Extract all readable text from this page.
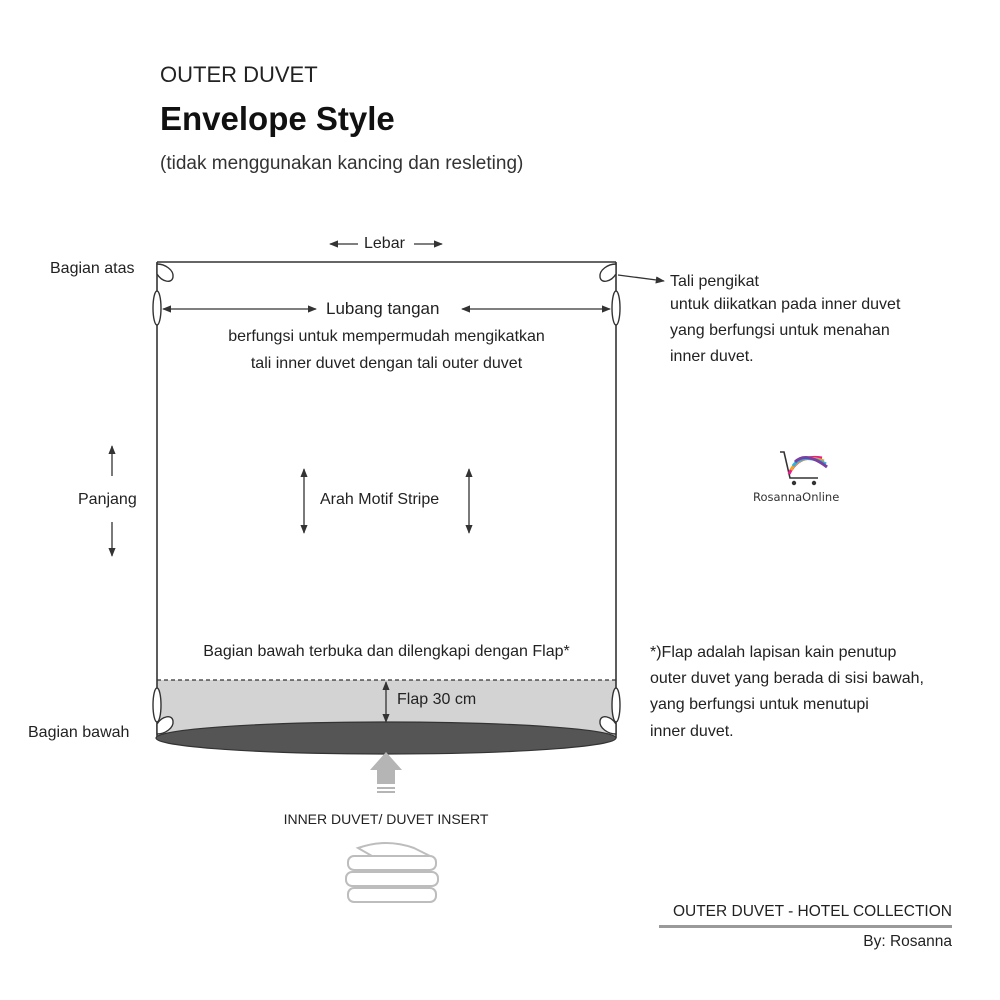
OUTER DUVET
Envelope Style
(tidak menggunakan kancing dan resleting)
Lebar
Bagian atas
Lubang tangan
berfungsi untuk mempermudah mengikatkan
tali inner duvet dengan tali outer duvet
Tali pengikat
untuk diikatkan pada inner duvet
yang berfungsi untuk menahan
inner duvet.
Panjang	Arah Motif Stripe	RosannaOnline
Bagian bawah terbuka dan dilengkapi dengan Flap*
Flap 30 cm
Bagian bawah
*)Flap adalah lapisan kain penutup
outer duvet yang berada di sisi bawah,
yang berfungsi untuk menutupi
inner duvet.
INNER DUVET/ DUVET INSERT
OUTER DUVET - HOTEL COLLECTION
By: Rosanna
